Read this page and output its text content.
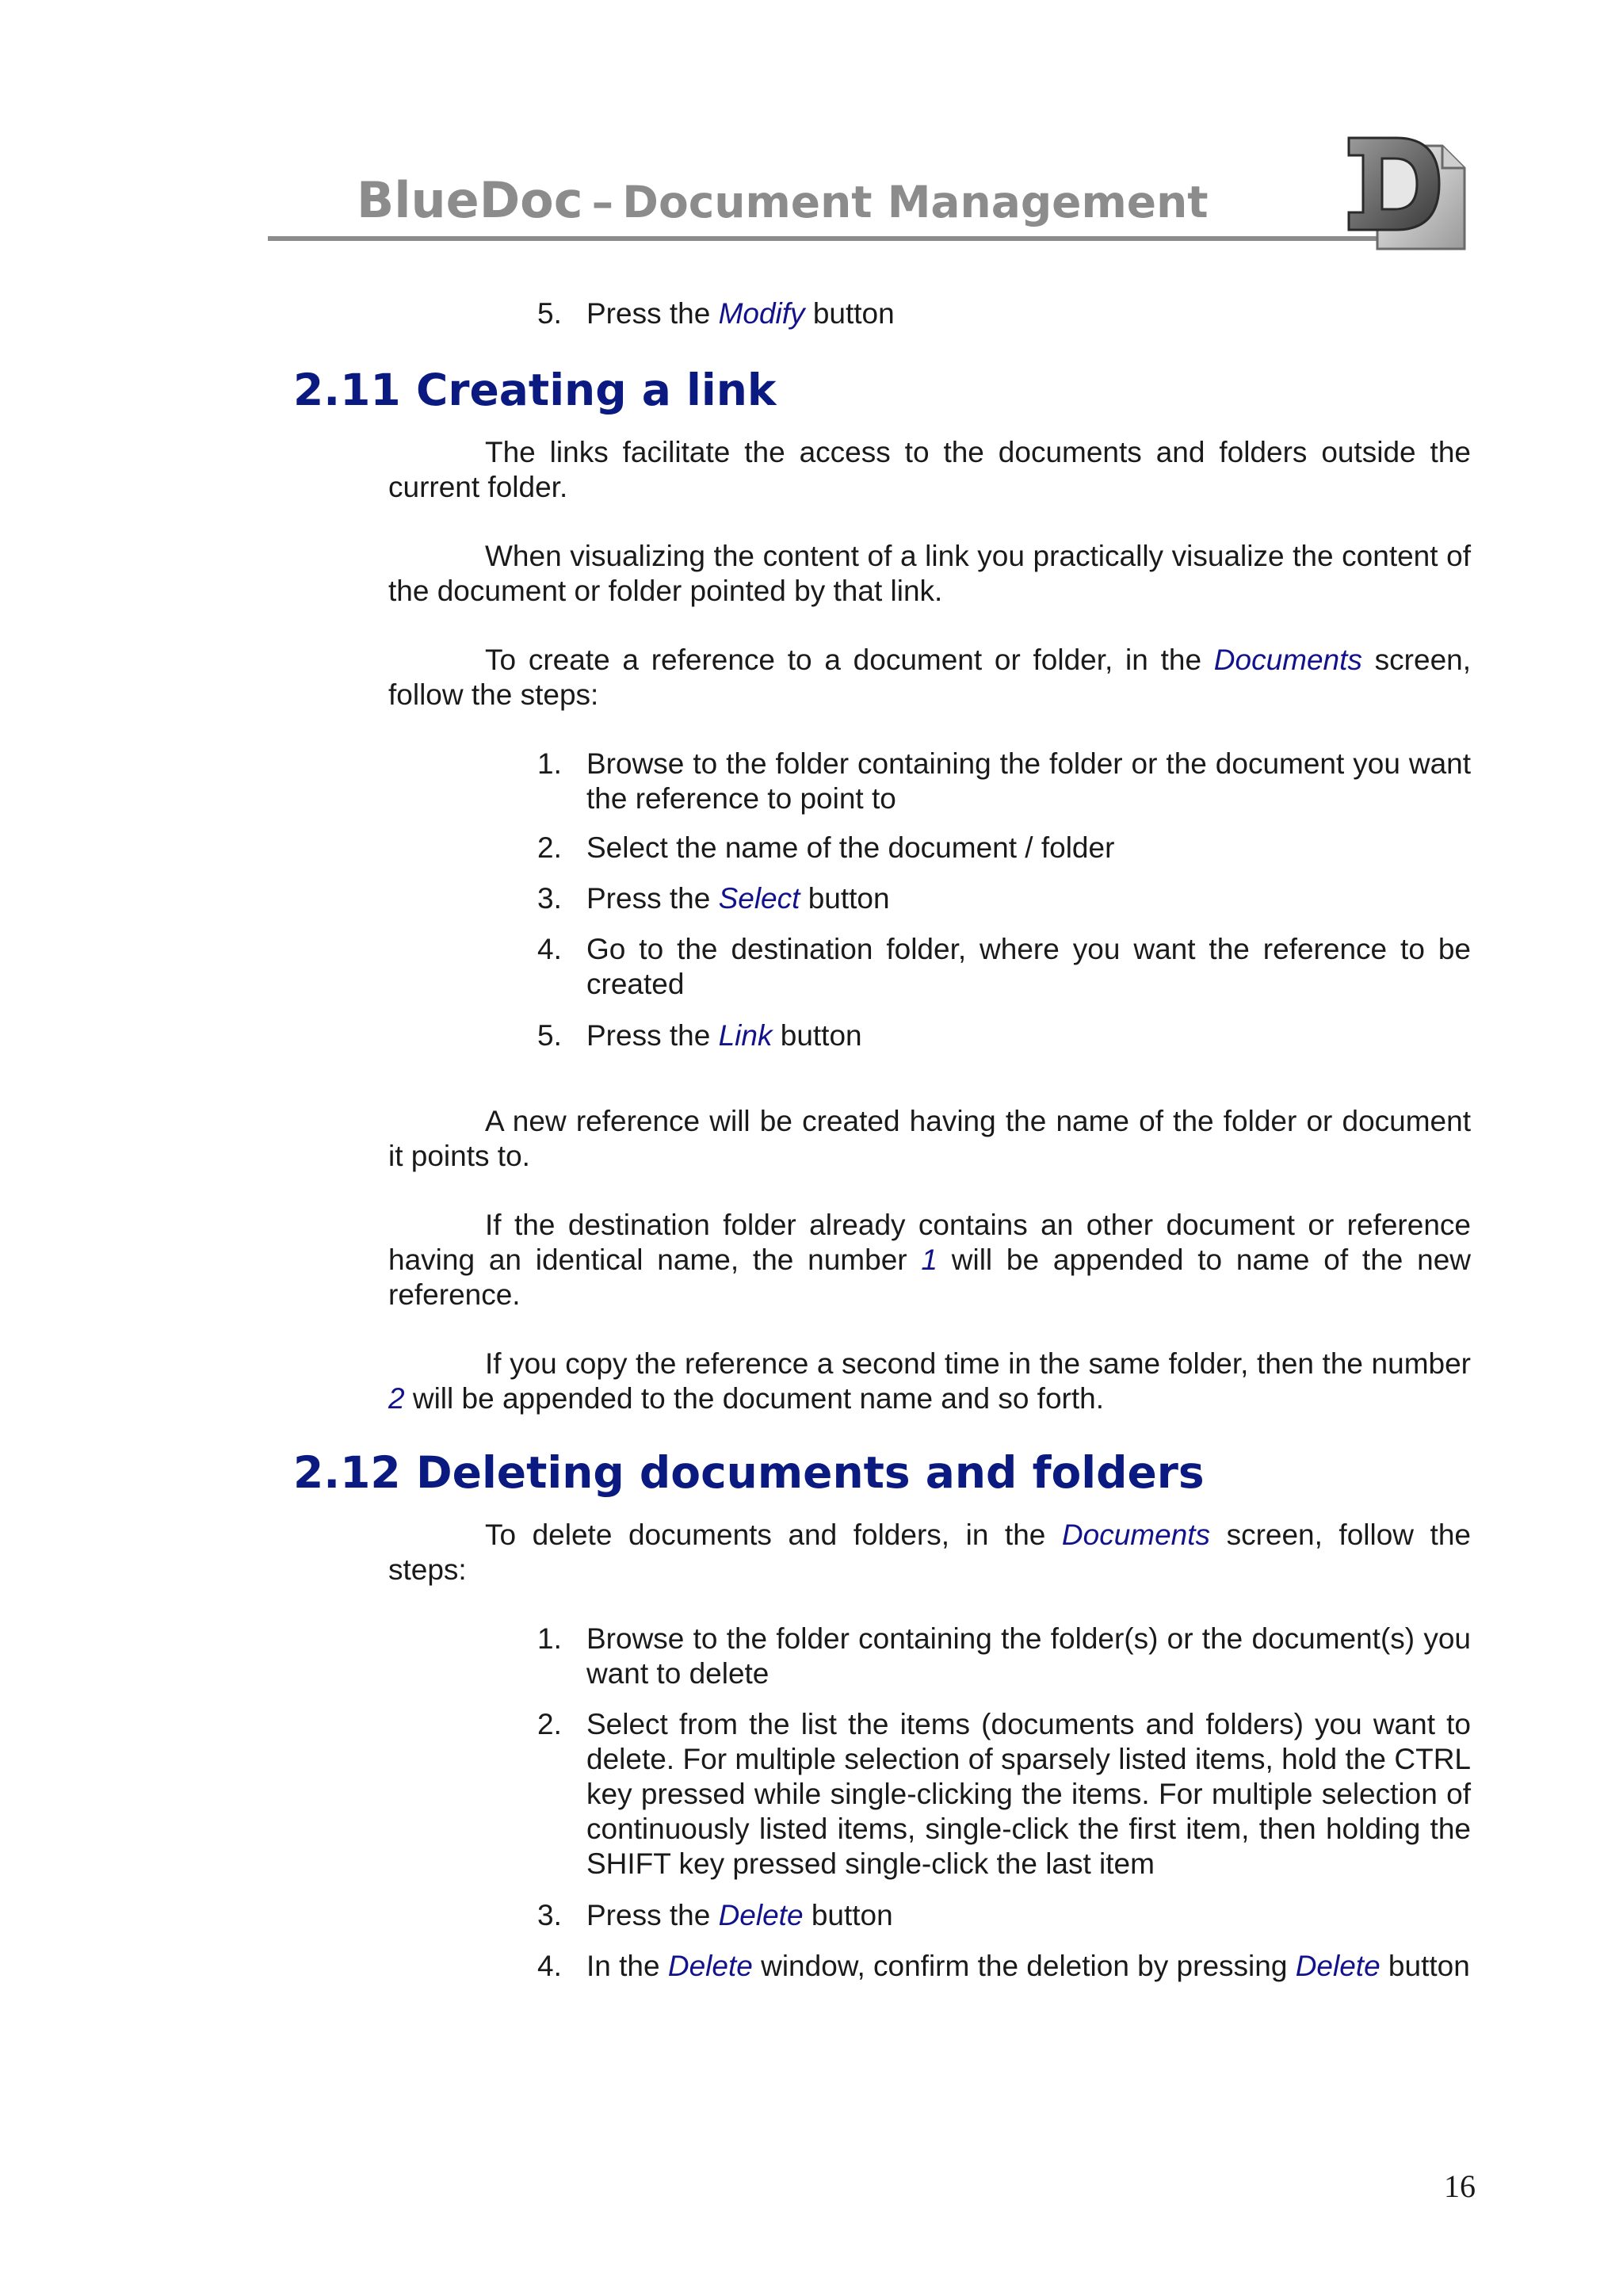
BlueDoc – Document Management
5. Press the Modify button
2.11 Creating a link

The links facilitate the access to the documents and folders outside the current folder.

When visualizing the content of a link you practically visualize the content of the document or folder pointed by that link.

To create a reference to a document or folder, in the Documents screen, follow the steps:

1. Browse to the folder containing the folder or the document you want the reference to point to
2. Select the name of the document / folder
3. Press the Select button
4. Go to the destination folder, where you want the reference to be created
5. Press the Link button

A new reference will be created having the name of the folder or document it points to.

If the destination folder already contains an other document or reference having an identical name, the number 1 will be appended to name of the new reference.

If you copy the reference a second time in the same folder, then the number 2 will be appended to the document name and so forth.

2.12 Deleting documents and folders

To delete documents and folders, in the Documents screen, follow the steps:

1. Browse to the folder containing the folder(s) or the document(s) you want to delete
2. Select from the list the items (documents and folders) you want to delete. For multiple selection of sparsely listed items, hold the CTRL key pressed while single-clicking the items. For multiple selection of continuously listed items, single-click the first item, then holding the SHIFT key pressed single-click the last item
3. Press the Delete button
4. In the Delete window, confirm the deletion by pressing Delete button
16
